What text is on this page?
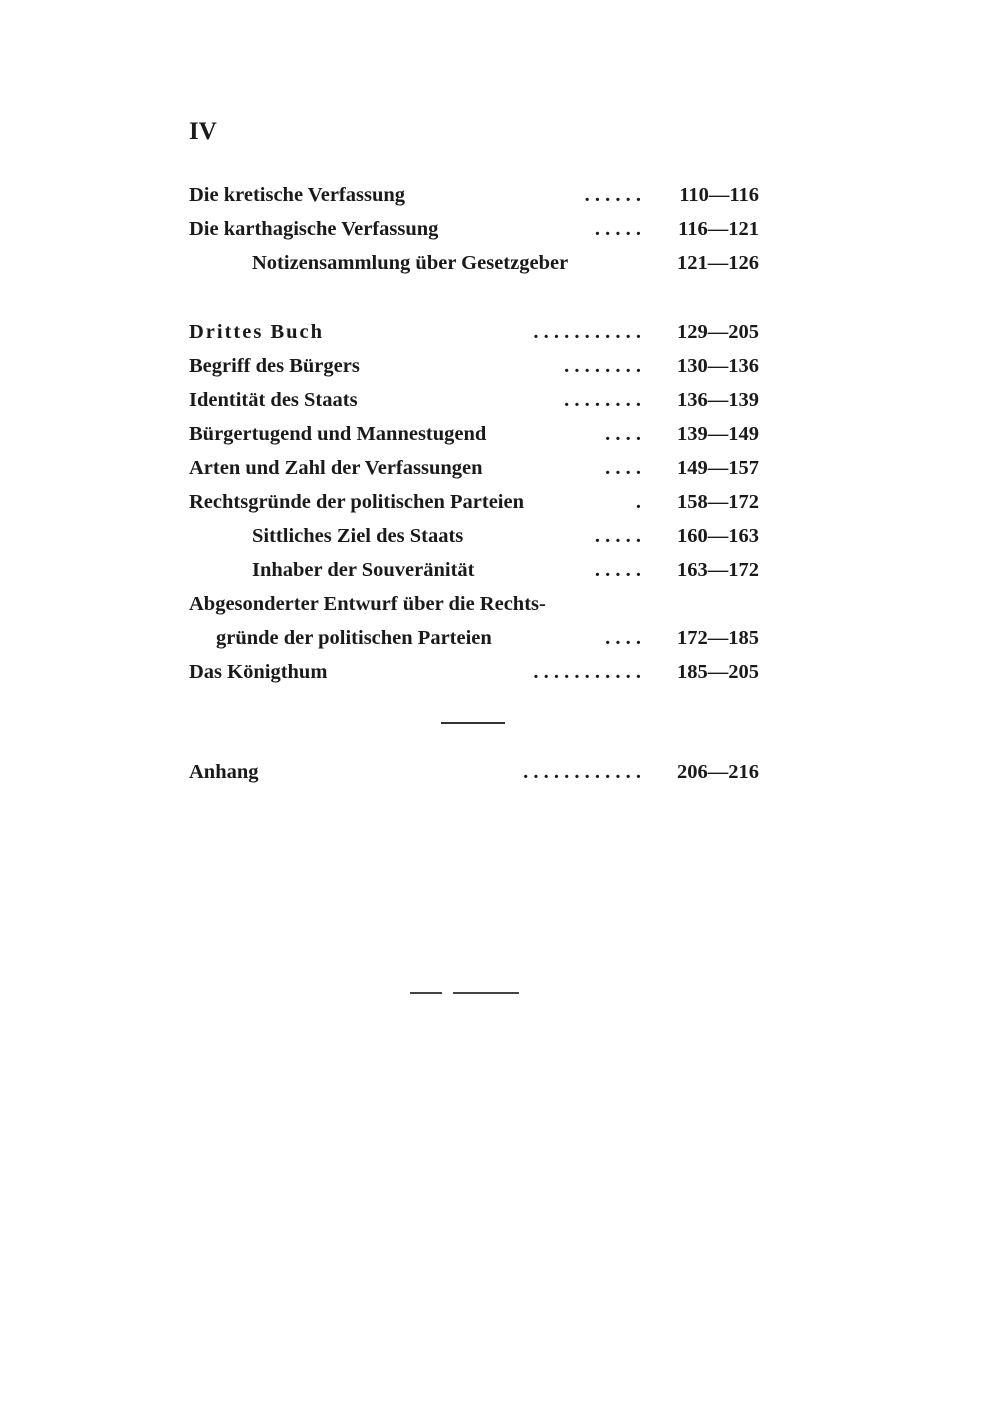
IV
Die kretische Verfassung	. . . . . . 110—116
Die karthagische Verfassung	. . . . . 116—121
Notizensammlung über Gesetzgeber	121—126
Drittes Buch	. . . . . . . . . . . 129—205
Begriff des Bürgers	. . . . . . . . 130—136
Identität des Staats	. . . . . . . . 136—139
Bürgertugend und Mannestugend	. . . . 139—149
Arten und Zahl der Verfassungen	. . . . 149—157
Rechtsgründe der politischen Parteien	. 158—172
Sittliches Ziel des Staats	. . . . . 160—163
Inhaber der Souveränität	. . . . . 163—172
Abgesonderter Entwurf über die Rechts-
gründe der politischen Parteien	. . . . 172—185
Das Königthum	. . . . . . . . . . . 185—205
Anhang	. . . . . . . . . . . . 206—216
